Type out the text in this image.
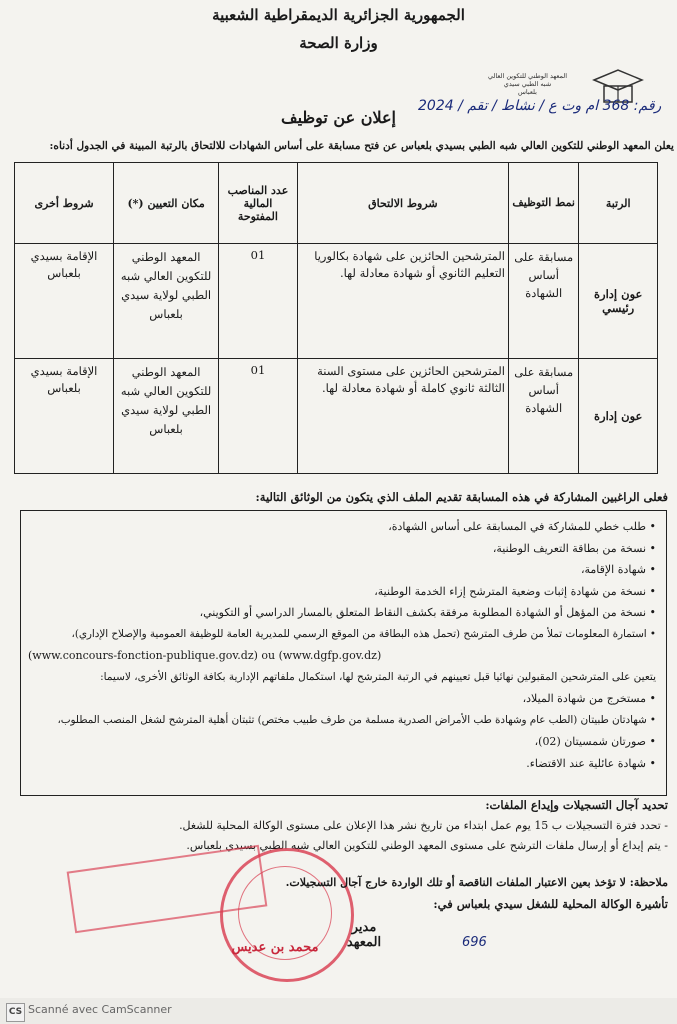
الجمهورية الجزائرية الديمقراطية الشعبية
وزارة الصحة
المعهد الوطني للتكوين العالي
شبه الطبي سيدي
بلعباس
رقم: 368 ام وت ع / نشاط / تقم / 2024
إعلان عن توظيف
يعلن المعهد الوطني للتكوين العالي شبه الطبي بسيدي بلعباس عن فتح مسابقة على أساس الشهادات للالتحاق بالرتبة المبينة في الجدول أدناه:
الرتبة	نمط التوظيف	شروط الالتحاق	عدد المناصب المالية المفتوحة	مكان التعيين (*)	شروط أخرى
عون إدارة رئيسي	مسابقة على أساس الشهادة	المترشحين الحائزين على شهادة بكالوريا التعليم الثانوي أو شهادة معادلة لها.	01	المعهد الوطني للتكوين العالي شبه الطبي لولاية سيدي بلعباس	الإقامة بسيدي بلعباس
عون إدارة	مسابقة على أساس الشهادة	المترشحين الحائزين على مستوى السنة الثالثة ثانوي كاملة أو شهادة معادلة لها.	01	المعهد الوطني للتكوين العالي شبه الطبي لولاية سيدي بلعباس	الإقامة بسيدي بلعباس
فعلى الراغبين المشاركة في هذه المسابقة تقديم الملف الذي يتكون من الوثائق التالية:
• طلب خطي للمشاركة في المسابقة على أساس الشهادة،
• نسخة من بطاقة التعريف الوطنية،
• شهادة الإقامة،
• نسخة من شهادة إثبات وضعية المترشح إزاء الخدمة الوطنية،
• نسخة من المؤهل أو الشهادة المطلوبة مرفقة بكشف النقاط المتعلق بالمسار الدراسي أو التكويني،
• استمارة المعلومات تملأ من طرف المترشح (تحمل هذه البطاقة من الموقع الرسمي للمديرية العامة للوظيفة العمومية والإصلاح الإداري)،
(www.concours-fonction-publique.gov.dz) ou (www.dgfp.gov.dz)
يتعين على المترشحين المقبولين نهائيا قبل تعيينهم في الرتبة المترشح لها، استكمال ملفاتهم الإدارية بكافة الوثائق الأخرى، لاسيما:
• مستخرج من شهادة الميلاد،
• شهادتان طبيتان (الطب عام وشهادة طب الأمراض الصدرية مسلمة من طرف طبيب مختص) تثبتان أهلية المترشح لشغل المنصب المطلوب،
• صورتان شمسيتان (02)،
• شهادة عائلية عند الاقتضاء.
تحديد آجال التسجيلات وإيداع الملفات:
- تحدد فترة التسجيلات ب 15 يوم عمل ابتداء من تاريخ نشر هذا الإعلان على مستوى الوكالة المحلية للشغل.
- يتم إيداع أو إرسال ملفات الترشح على مستوى المعهد الوطني للتكوين العالي شبه الطبي بسيدي بلعباس.
ملاحظة: لا تؤخذ بعين الاعتبار الملفات الناقصة أو تلك الواردة خارج آجال التسجيلات.
تأشيرة الوكالة المحلية للشغل سيدي بلعباس في:
مدير المعهد
محمد بن عديس	696
CS Scanné avec CamScanner
